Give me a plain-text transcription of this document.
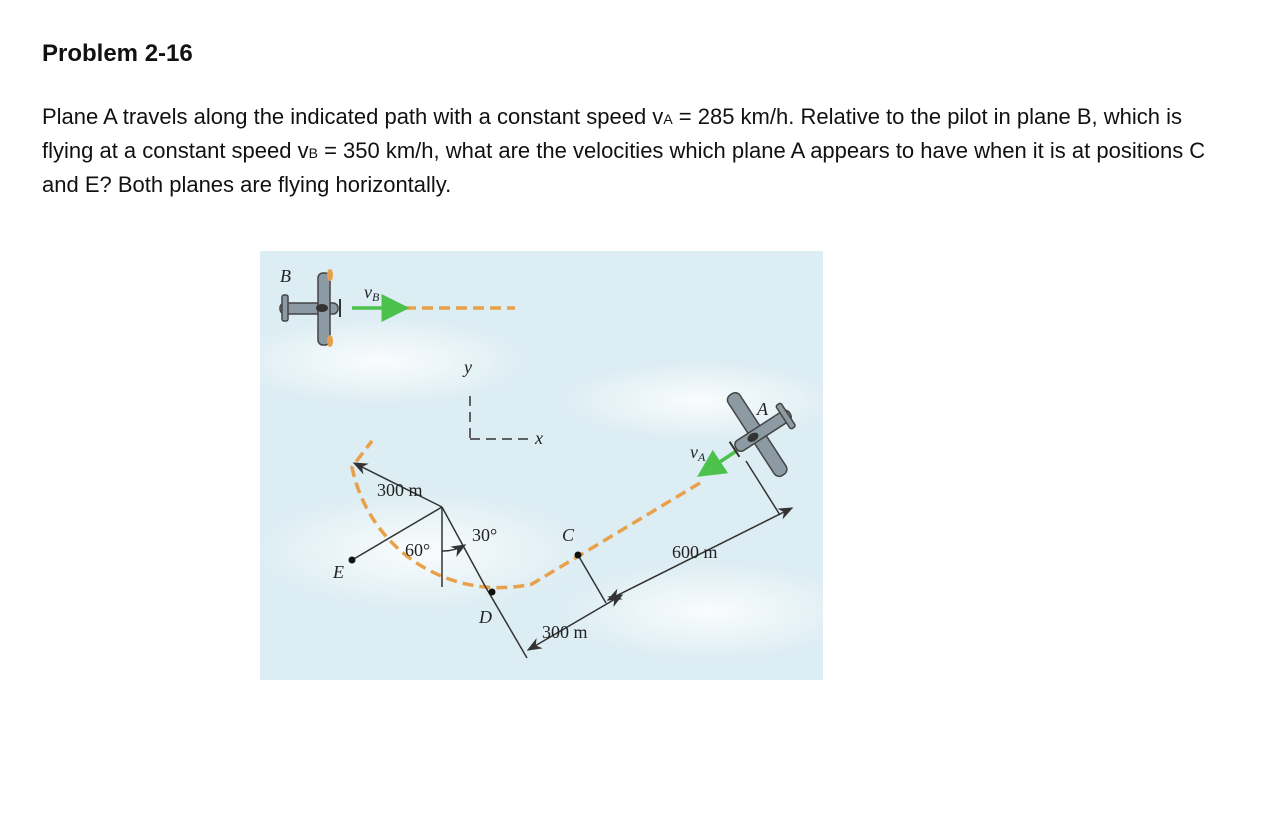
Problem 2-16

Plane A travels along the indicated path with a constant speed vA = 285 km/h. Relative to the pilot in plane B, which is flying at a constant speed vB = 350 km/h, what are the velocities which plane A appears to have when it is at positions C and E? Both planes are flying horizontally.

B
vB
y
x
300 m
60°
30°	C
D
E
300 m
600 m
vA
A
